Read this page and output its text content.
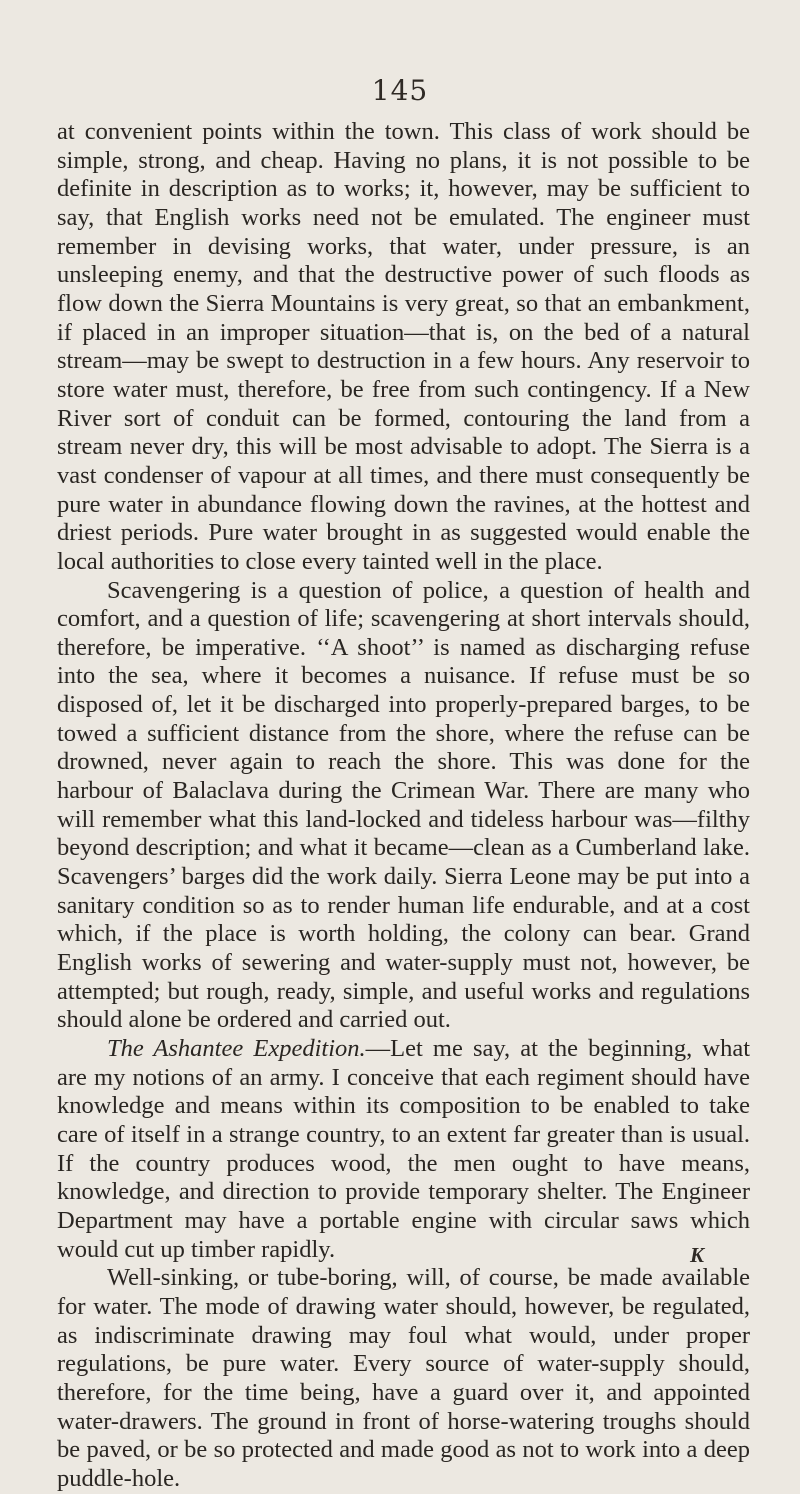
145

at convenient points within the town. This class of work should be simple, strong, and cheap. Having no plans, it is not possible to be definite in description as to works; it, however, may be sufficient to say, that English works need not be emulated. The engineer must remember in devising works, that water, under pressure, is an unsleeping enemy, and that the destructive power of such floods as flow down the Sierra Mountains is very great, so that an embankment, if placed in an improper situation—that is, on the bed of a natural stream—may be swept to destruction in a few hours. Any reservoir to store water must, therefore, be free from such contingency. If a New River sort of conduit can be formed, contouring the land from a stream never dry, this will be most advisable to adopt. The Sierra is a vast condenser of vapour at all times, and there must consequently be pure water in abundance flowing down the ravines, at the hottest and driest periods. Pure water brought in as suggested would enable the local authorities to close every tainted well in the place.

Scavengering is a question of police, a question of health and comfort, and a question of life; scavengering at short intervals should, therefore, be imperative. ‘‘A shoot’’ is named as discharging refuse into the sea, where it becomes a nuisance. If refuse must be so disposed of, let it be discharged into properly-prepared barges, to be towed a sufficient distance from the shore, where the refuse can be drowned, never again to reach the shore. This was done for the harbour of Balaclava during the Crimean War. There are many who will remember what this land-locked and tideless harbour was—filthy beyond description; and what it became—clean as a Cumberland lake. Scavengers’ barges did the work daily. Sierra Leone may be put into a sanitary condition so as to render human life endurable, and at a cost which, if the place is worth holding, the colony can bear. Grand English works of sewering and water-supply must not, however, be attempted; but rough, ready, simple, and useful works and regulations should alone be ordered and carried out.

The Ashantee Expedition.—Let me say, at the beginning, what are my notions of an army. I conceive that each regiment should have knowledge and means within its composition to be enabled to take care of itself in a strange country, to an extent far greater than is usual. If the country produces wood, the men ought to have means, knowledge, and direction to provide temporary shelter. The Engineer Department may have a portable engine with circular saws which would cut up timber rapidly.

Well-sinking, or tube-boring, will, of course, be made available for water. The mode of drawing water should, however, be regulated, as indiscriminate drawing may foul what would, under proper regulations, be pure water. Every source of water-supply should, therefore, for the time being, have a guard over it, and appointed water-drawers. The ground in front of horse-watering troughs should be paved, or be so protected and made good as not to work into a deep puddle-hole.

K
